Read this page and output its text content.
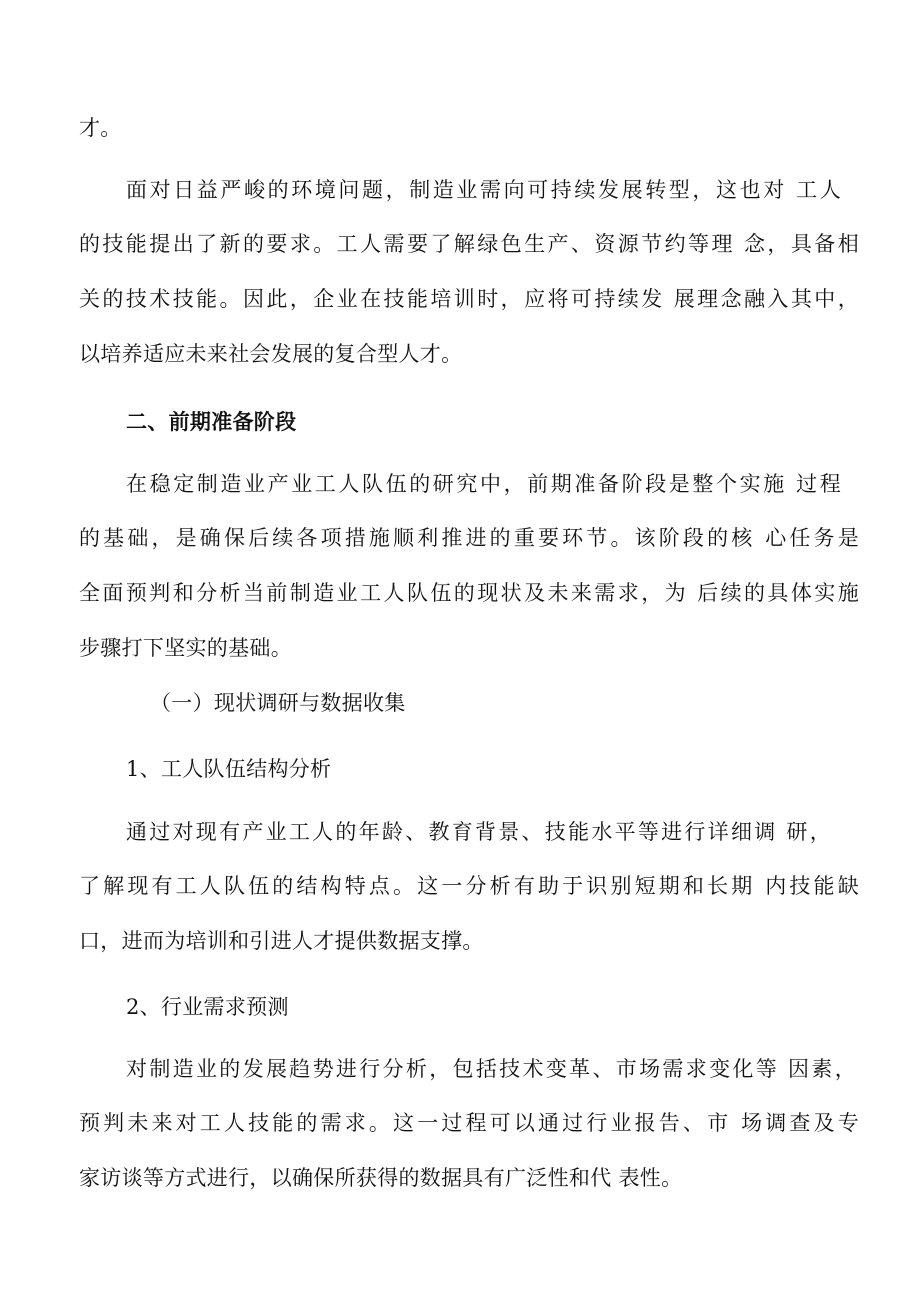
才。
面对日益严峻的环境问题，制造业需向可持续发展转型，这也对 工人
的技能提出了新的要求。工人需要了解绿色生产、资源节约等理 念，具备相
关的技术技能。因此，企业在技能培训时，应将可持续发 展理念融入其中，
以培养适应未来社会发展的复合型人才。
二、前期准备阶段
在稳定制造业产业工人队伍的研究中，前期准备阶段是整个实施 过程
的基础，是确保后续各项措施顺利推进的重要环节。该阶段的核 心任务是
全面预判和分析当前制造业工人队伍的现状及未来需求，为 后续的具体实施
步骤打下坚实的基础。
（一）现状调研与数据收集
1、工人队伍结构分析
通过对现有产业工人的年龄、教育背景、技能水平等进行详细调 研，
了解现有工人队伍的结构特点。这一分析有助于识别短期和长期 内技能缺
口，进而为培训和引进人才提供数据支撑。
2、行业需求预测
对制造业的发展趋势进行分析，包括技术变革、市场需求变化等 因素，
预判未来对工人技能的需求。这一过程可以通过行业报告、市 场调查及专
家访谈等方式进行，以确保所获得的数据具有广泛性和代 表性。
